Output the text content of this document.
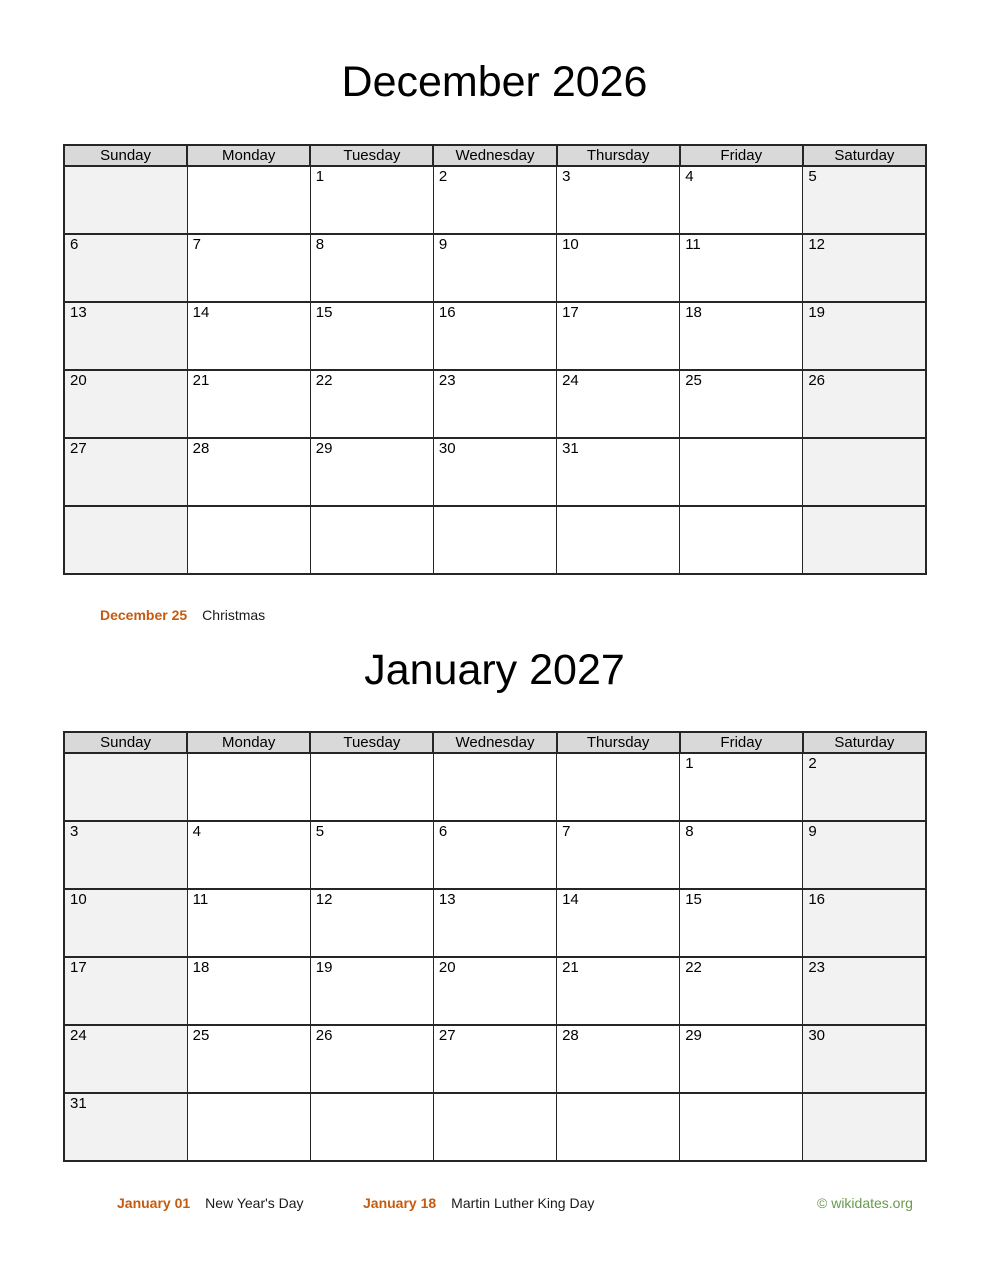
December 2026
Sunday	Monday	Tuesday	Wednesday	Thursday	Friday	Saturday
		1	2	3	4	5
6	7	8	9	10	11	12
13	14	15	16	17	18	19
20	21	22	23	24	25	26
27	28	29	30	31		

December 25 Christmas
January 2027
Sunday	Monday	Tuesday	Wednesday	Thursday	Friday	Saturday
					1	2
3	4	5	6	7	8	9
10	11	12	13	14	15	16
17	18	19	20	21	22	23
24	25	26	27	28	29	30
31						
January 01 New Year's Day	January 18 Martin Luther King Day	© wikidates.org
